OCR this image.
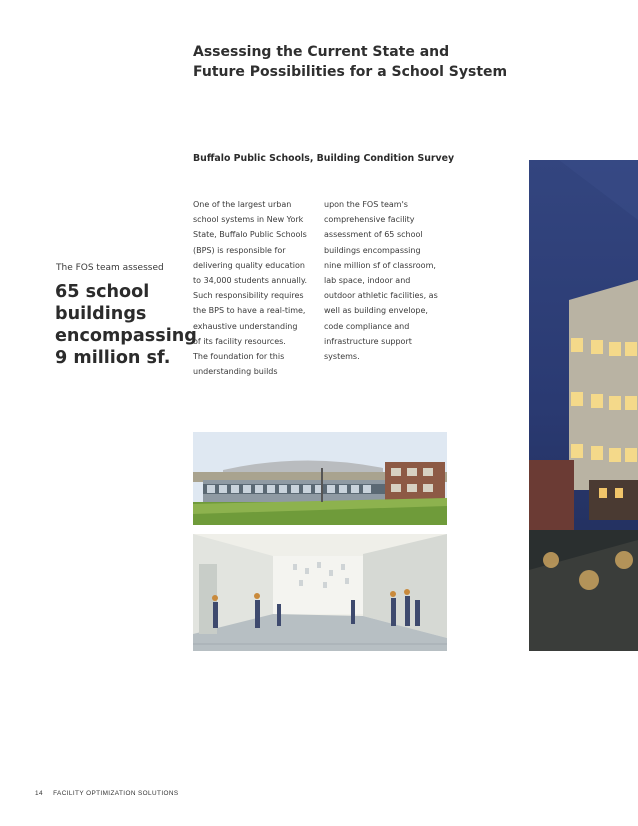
Assessing the Current State and
Future Possibilities for a School System
Buffalo Public Schools, Building Condition Survey
One of the largest urban
school systems in New York
State, Buffalo Public Schools
(BPS) is responsible for
delivering quality education
to 34,000 students annually.
Such responsibility requires
the BPS to have a real-time,
exhaustive understanding
of its facility resources.
The foundation for this
understanding builds
upon the FOS team's
comprehensive facility
assessment of 65 school
buildings encompassing
nine million sf of classroom,
lab space, indoor and
outdoor athletic facilities, as
well as building envelope,
code compliance and
infrastructure support
systems.
The FOS team assessed
65 school
buildings
encompassing
9 million sf.
14 FACILITY OPTIMIZATION SOLUTIONS
